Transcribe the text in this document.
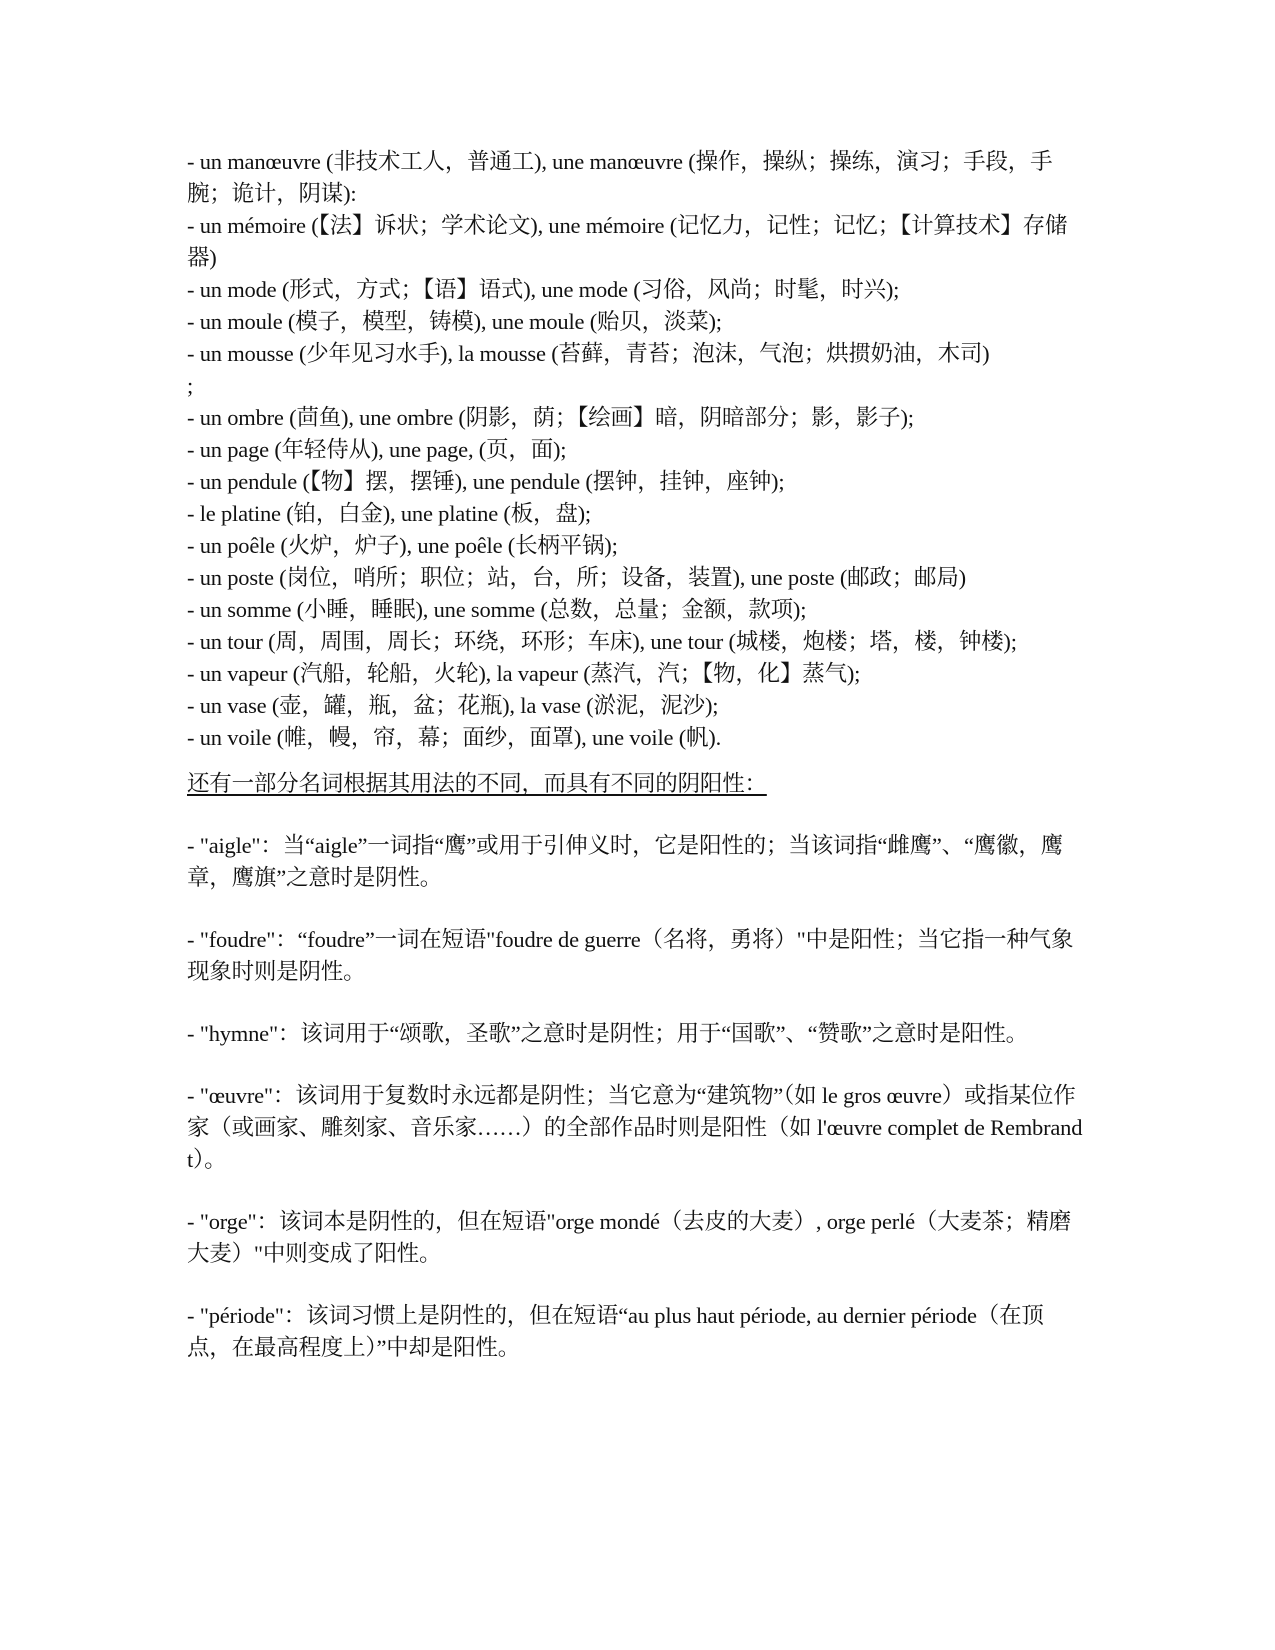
- un manœuvre (非技术工人，普通工), une manœuvre (操作，操纵；操练，演习；手段，手腕；诡计，阴谋):

- un mémoire (【法】诉状；学术论文), une mémoire (记忆力，记性；记忆；【计算技术】存储器)

- un mode (形式，方式；【语】语式), une mode (习俗，风尚；时髦，时兴);

- un moule (模子，模型，铸模), une moule (贻贝，淡菜);

- un mousse (少年见习水手), la mousse (苔藓，青苔；泡沫，气泡；烘掼奶油，木司)
;

- un ombre (茴鱼), une ombre (阴影，荫；【绘画】暗，阴暗部分；影，影子);

- un page (年轻侍从), une page, (页，面);

- un pendule (【物】摆，摆锤), une pendule (摆钟，挂钟，座钟);

- le platine (铂，白金), une platine (板，盘);

- un poêle (火炉，炉子), une poêle (长柄平锅);

- un poste (岗位，哨所；职位；站，台，所；设备，装置), une poste (邮政；邮局)

- un somme (小睡，睡眠), une somme (总数，总量；金额，款项);

- un tour (周，周围，周长；环绕，环形；车床), une tour (城楼，炮楼；塔，楼，钟楼);

- un vapeur (汽船，轮船，火轮), la vapeur (蒸汽，汽；【物，化】蒸气);

- un vase (壶，罐，瓶，盆；花瓶), la vase (淤泥，泥沙);

- un voile (帷，幔，帘，幕；面纱，面罩), une voile (帆).

还有一部分名词根据其用法的不同，而具有不同的阴阳性：

- "aigle"：当“aigle”一词指“鹰”或用于引伸义时，它是阳性的；当该词指“雌鹰”、“鹰徽，鹰章，鹰旗”之意时是阴性。

- "foudre"：“foudre”一词在短语"foudre de guerre（名将，勇将）"中是阳性；当它指一种气象现象时则是阴性。

- "hymne"：该词用于“颂歌，圣歌”之意时是阴性；用于“国歌”、“赞歌”之意时是阳性。

- "œuvre"：该词用于复数时永远都是阴性；当它意为“建筑物”（如 le gros œuvre）或指某位作家（或画家、雕刻家、音乐家……）的全部作品时则是阳性（如 l'œuvre complet de Rembrandt）。

- "orge"：该词本是阴性的，但在短语"orge mondé（去皮的大麦）, orge perlé（大麦茶；精磨大麦）"中则变成了阳性。

- "période"：该词习惯上是阴性的，但在短语“au plus haut période, au dernier période（在顶点，在最高程度上）”中却是阳性。
